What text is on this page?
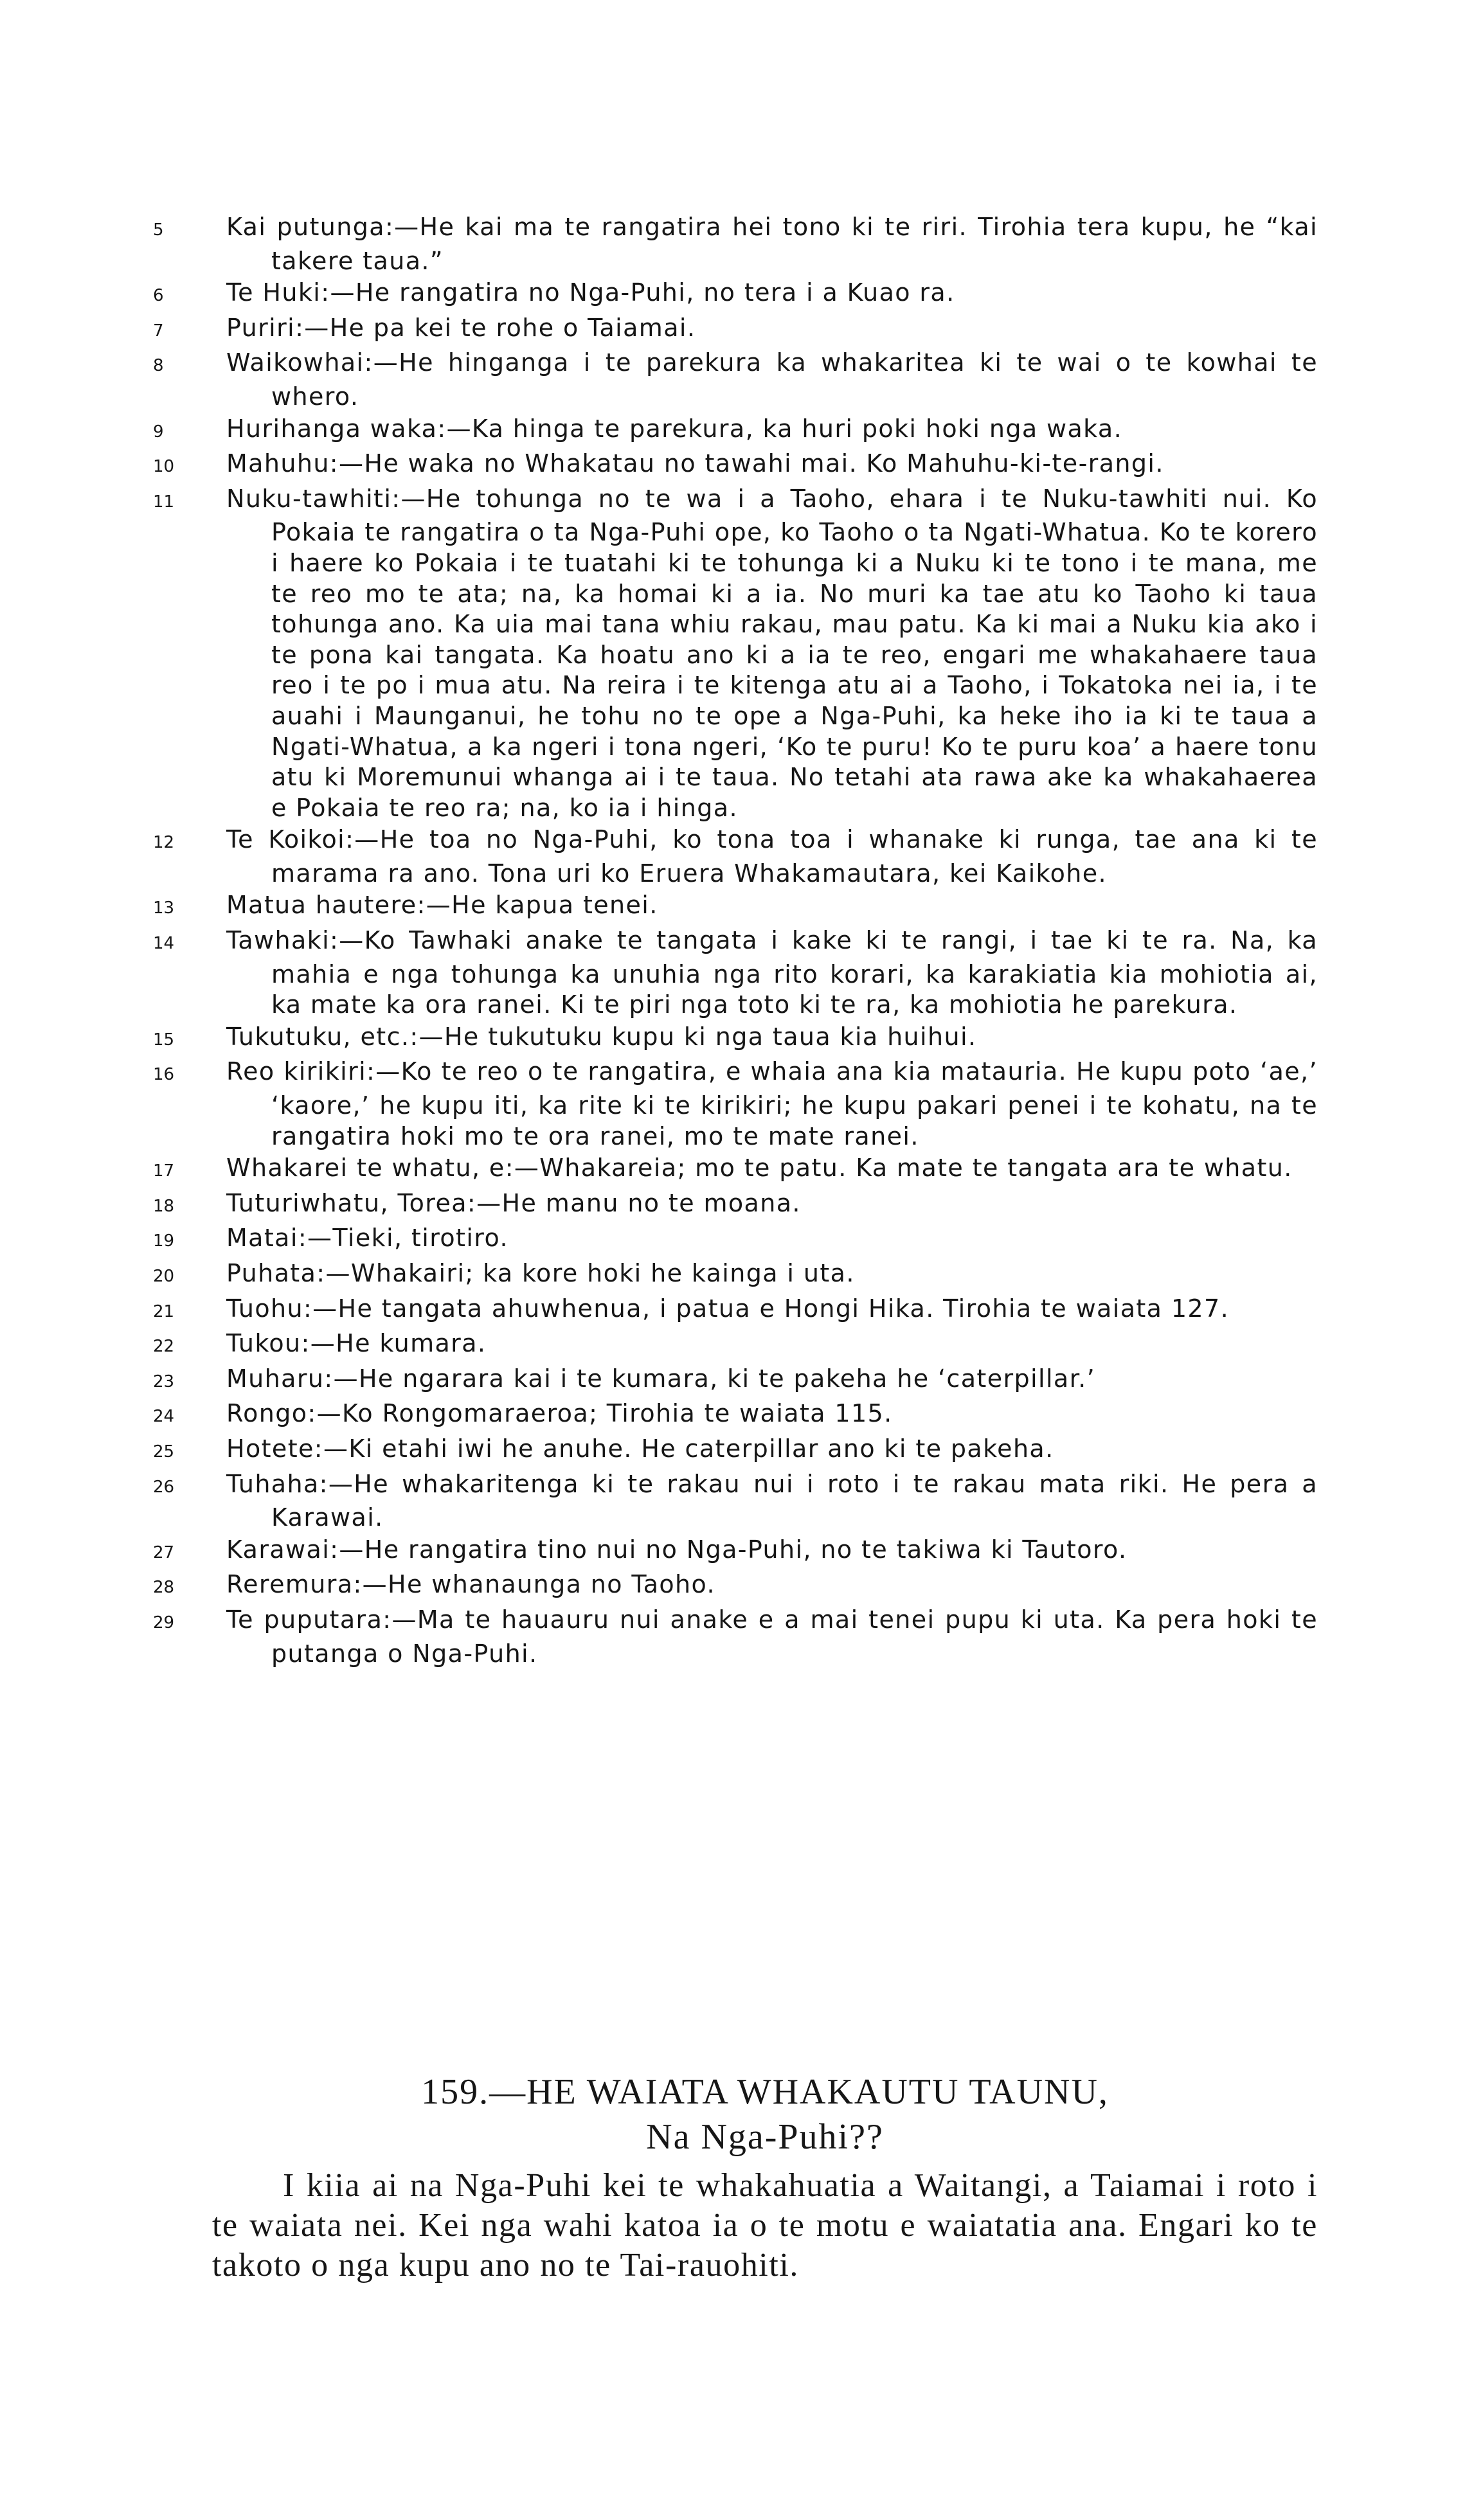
5	Kai putunga:—He kai ma te rangatira hei tono ki te riri. Tirohia tera kupu, he “kai takere taua.”

6	Te Huki:—He rangatira no Nga-Puhi, no tera i a Kuao ra.

7	Puriri:—He pa kei te rohe o Taiamai.

8	Waikowhai:—He hinganga i te parekura ka whakaritea ki te wai o te kowhai te whero.

9	Hurihanga waka:—Ka hinga te parekura, ka huri poki hoki nga waka.

10 Mahuhu:—He waka no Whakatau no tawahi mai. Ko Mahuhu-ki-te-rangi.

11 Nuku-tawhiti:—He tohunga no te wa i a Taoho, ehara i te Nuku-tawhiti nui. Ko Pokaia te rangatira o ta Nga-Puhi ope, ko Taoho o ta Ngati-Whatua. Ko te korero i haere ko Pokaia i te tuatahi ki te tohunga ki a Nuku ki te tono i te mana, me te reo mo te ata; na, ka homai ki a ia. No muri ka tae atu ko Taoho ki taua tohunga ano. Ka uia mai tana whiu rakau, mau patu. Ka ki mai a Nuku kia ako i te pona kai tangata. Ka hoatu ano ki a ia te reo, engari me whakahaere taua reo i te po i mua atu. Na reira i te kitenga atu ai a Taoho, i Tokatoka nei ia, i te auahi i Maunganui, he tohu no te ope a Nga-Puhi, ka heke iho ia ki te taua a Ngati-Whatua, a ka ngeri i tona ngeri, ‘Ko te puru! Ko te puru koa’ a haere tonu atu ki Moremunui whanga ai i te taua. No tetahi ata rawa ake ka whakahaerea e Pokaia te reo ra; na, ko ia i hinga.

12 Te Koikoi:—He toa no Nga-Puhi, ko tona toa i whanake ki runga, tae ana ki te marama ra ano. Tona uri ko Eruera Whakamautara, kei Kaikohe.

13 Matua hautere:—He kapua tenei.

14 Tawhaki:—Ko Tawhaki anake te tangata i kake ki te rangi, i tae ki te ra. Na, ka mahia e nga tohunga ka unuhia nga rito korari, ka karakiatia kia mohiotia ai, ka mate ka ora ranei. Ki te piri nga toto ki te ra, ka mohiotia he parekura.

15 Tukutuku, etc.:—He tukutuku kupu ki nga taua kia huihui.

16 Reo kirikiri:—Ko te reo o te rangatira, e whaia ana kia matauria. He kupu poto ‘ae,’ ‘kaore,’ he kupu iti, ka rite ki te kirikiri; he kupu pakari penei i te kohatu, na te rangatira hoki mo te ora ranei, mo te mate ranei.

17 Whakarei te whatu, e:—Whakareia; mo te patu. Ka mate te tangata ara te whatu.

18 Tuturiwhatu, Torea:—He manu no te moana.

19 Matai:—Tieki, tirotiro.

20 Puhata:—Whakairi; ka kore hoki he kainga i uta.

21 Tuohu:—He tangata ahuwhenua, i patua e Hongi Hika. Tirohia te waiata 127.

22 Tukou:—He kumara.

23 Muharu:—He ngarara kai i te kumara, ki te pakeha he ‘caterpillar.’

24 Rongo:—Ko Rongomaraeroa; Tirohia te waiata 115.

25 Hotete:—Ki etahi iwi he anuhe. He caterpillar ano ki te pakeha.

26 Tuhaha:—He whakaritenga ki te rakau nui i roto i te rakau mata riki. He pera a Karawai.

27 Karawai:—He rangatira tino nui no Nga-Puhi, no te takiwa ki Tautoro.

28 Reremura:—He whanaunga no Taoho.

29 Te puputara:—Ma te hauauru nui anake e a mai tenei pupu ki uta. Ka pera hoki te putanga o Nga-Puhi.

159.—HE WAIATA WHAKAUTU TAUNU,
Na Nga-Puhi??

I kiia ai na Nga-Puhi kei te whakahuatia a Waitangi, a Taiamai i roto i te waiata nei. Kei nga wahi katoa ia o te motu e waiatatia ana. Engari ko te takoto o nga kupu ano no te Tai-rauohiti.
